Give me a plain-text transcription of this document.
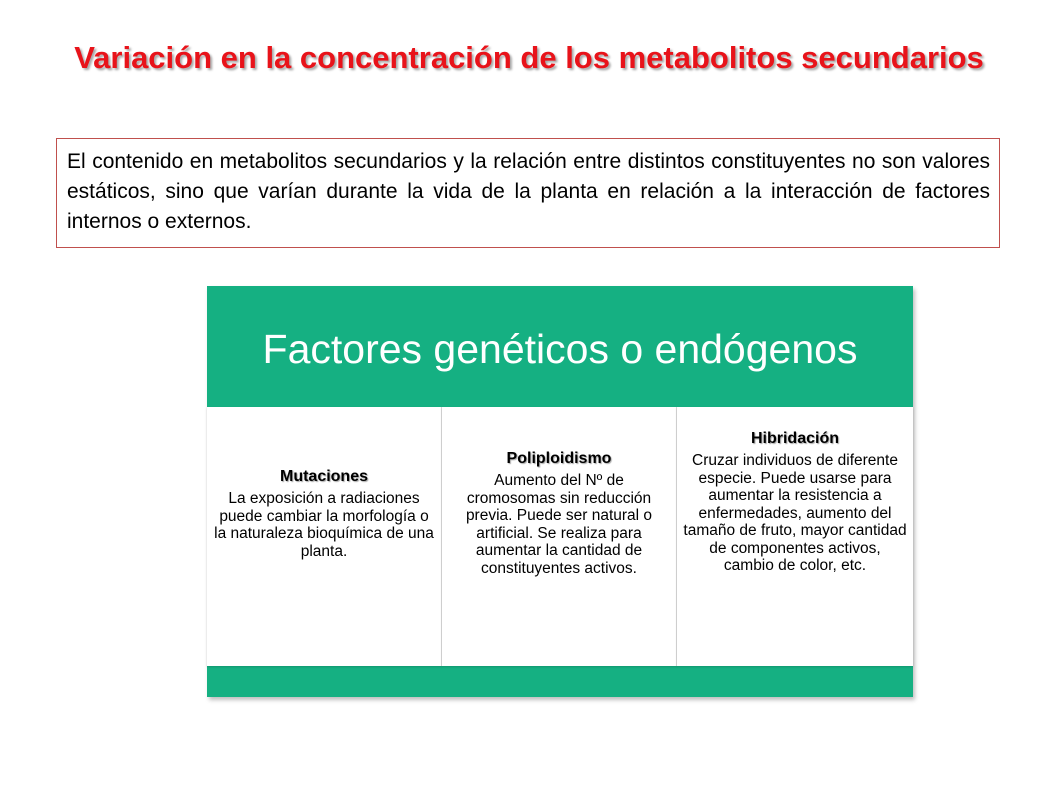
Variación en la concentración de los metabolitos secundarios

El contenido en metabolitos secundarios y la relación entre distintos constituyentes no son valores estáticos, sino que varían durante la vida de la planta en relación a la interacción de factores internos o externos.

Factores genéticos o endógenos
Mutaciones
La exposición a radiaciones puede cambiar la morfología o la naturaleza bioquímica de una planta.
Poliploidismo
Aumento del Nº de cromosomas sin reducción previa. Puede ser natural o artificial. Se realiza para aumentar la cantidad de constituyentes activos.
Hibridación
Cruzar individuos de diferente especie. Puede usarse para aumentar la resistencia a enfermedades, aumento del tamaño de fruto, mayor cantidad de componentes activos, cambio de color, etc.
